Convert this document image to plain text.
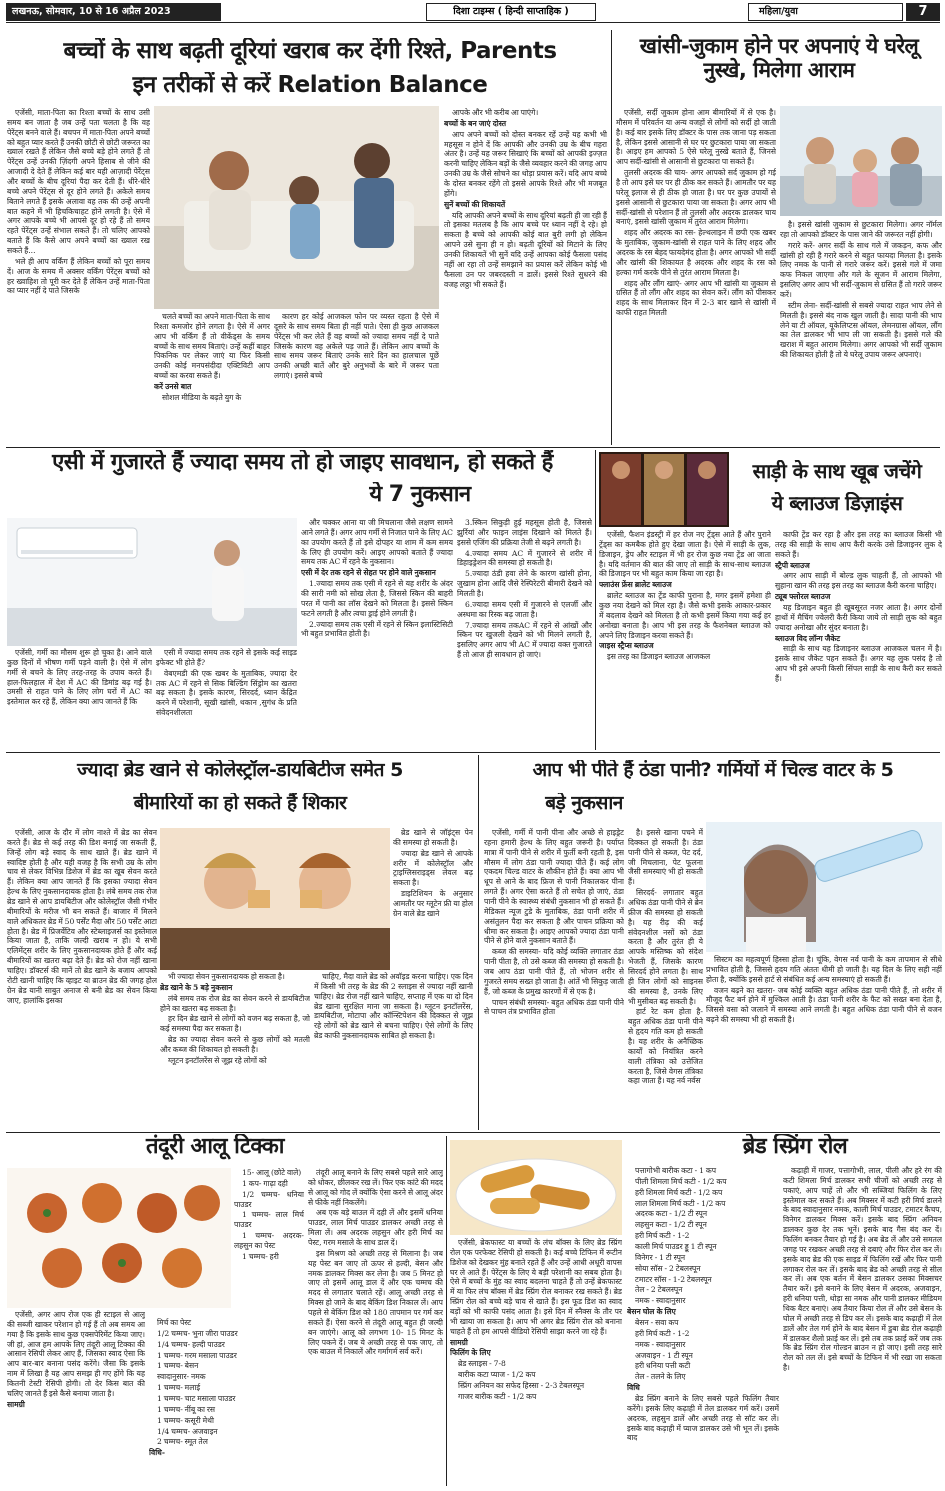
लखनऊ, सोमवार, 10 से 16 अप्रैल 2023	दिशा टाइम्स ( हिन्दी साप्ताहिक )	महिला/युवा	7
बच्चों के साथ बढ़ती दूरियां खराब कर देंगी रिश्ते, Parents
इन तरीकों से करें Relation Balance

एजेंसी, माता-पिता का रिश्ता बच्चों के साथ उसी समय बन जाता है जब उन्हें पता चलता है कि वह पेरेंट्स बनने वाले हैं। बचपन में माता-पिता अपने बच्चों को बहुत प्यार करते हैं उनकी छोटी से छोटी जरूरत का ख्याल रखते हैं लेकिन जैसे बच्चे बड़े होने लगते हैं तो पेरेंट्स उन्हें उनकी ज़िंदगी अपने हिसाब से जीने की आजादी दे देते हैं लेकिन कई बार यही आज़ादी पेरेंट्स और बच्चों के बीच दूरियां पैदा कर देती हैं। धीरे-धीरे बच्चे अपने पेरेंट्स से दूर होने लगते हैं। अकेले समय बिताने लगते हैं इसके अलावा वह तक की उन्हें अपनी बात कहने में भी हिचकिचाहट होने लगती है। ऐसे में अगर आपके बच्चे भी आपसे दूर हो रहे हैं तो समय रहते पेरेंट्स उन्हें संभाल सकते हैं। तो चलिए आपको बताते हैं कि कैसे आप अपने बच्चों का ख्याल रख सकते हैं...

भले ही आप वर्किंग हैं लेकिन बच्चों को पूरा समय दें। आज के समय में अक्सर वर्किंग पेरेंट्स बच्चों को हर ख्वाहिश तो पूरी कर देते हैं लेकिन उन्हें माता-पिता का प्यार नहीं दे पाते जिसके

चलते बच्चों का अपने माता-पिता के साथ रिश्ता कमजोर होने लगता है। ऐसे में अगर आप भी वर्किंग हैं तो वीकेंड्स के समय बच्चों के साथ समय बिताएं। उन्हें कहीं बाहर पिकनिक पर लेकर जाएं या फिर किसी उनकी कोई मनपसंदीदा एक्टिविटी आप बच्चों का करवा सकते हैं।

करें उनसे बात

सोशल मीडिया के बढ़ते युग के

कारण हर कोई आजकल फोन पर व्यस्त रहता है ऐसे में दूसरे के साथ समय बिता ही नहीं पाते। ऐसा ही कुछ आजकल पेरेंट्स भी कर लेते हैं वह बच्चों को ज्यादा समय नहीं दे पाते जिसके कारण वह अकेले पड़ जाते हैं। लेकिन आप बच्चों के साथ समय जरूर बिताएं उनके सारे दिन का हालचाल पूछें उनकी अच्छी बातें और बुरे अनुभवों के बारे में जरूर पता लगाएं। इससे बच्चे

आपके और भी करीब आ पाएंगे।

बच्चों के बन जाएं दोस्त

आप अपने बच्चों को दोस्त बनकर रहें उन्हें यह कभी भी महसूस न होने दें कि आपकी और उनकी उम्र के बीच गहरा अंतर है। उन्हें यह जरूर सिखाएं कि बच्चों को आपकी इज्ज़त करनी चाहिए लेकिन बड़ों के जैसे व्यवहार करने की जगह आप उनकी उम्र के जैसे सोचने का थोड़ा प्रयास करें। यदि आप बच्चे के दोस्त बनकर रहेंगे तो इससे आपके रिश्ते और भी मजबूत होंगे।

सुनें बच्चों की शिकायतें

यदि आपकी अपने बच्चों के साथ दूरियां बढ़ती ही जा रही हैं तो इसका मतलब है कि आप बच्चे पर ध्यान नहीं दे रहे। हो सकता है बच्चे को आपकी कोई बात बुरी लगी हो लेकिन आपने उसे सुना ही न हो। बढ़ती दूरियों को मिटाने के लिए उनकी शिकायतें भी सुनें यदि उन्हें आपका कोई फैसला पसंद नहीं आ रहा तो उन्हें समझाने का प्रयास करें लेकिन कोई भी फैसला उन पर जबरदस्ती न डालें। इससे रिश्ते सुधरने की वजह लठ्ठा भी सकते हैं।

खांसी-जुकाम होने पर अपनाएं ये घरेलू नुस्खे, मिलेगा आराम

एजेंसी, सर्दी जुकाम होना आम बीमारियों में से एक है। मौसम में परिवर्तन या अन्य वजहों से लोगों को सर्दी हो जाती है। कई बार इसके लिए डॉक्टर के पास तक जाना पड़ सकता है, लेकिन इससे आसानी से घर पर छुटकारा पाया जा सकता है। आइए हम आपको 5 ऐसे घरेलू नुस्खे बताते हैं, जिनसे आप सर्दी-खांसी से आसानी से छुटकारा पा सकते हैं।

तुलसी अदरक की चाय- अगर आपको सर्द जुकाम हो गई है तो आप इसे घर पर ही ठीक कर सकते हैं। आमतौर पर यह घरेलू इलाज से ही ठीक हो जाता है। घर पर कुछ उपायों से इससे आसानी से छुटकारा पाया जा सकता है। अगर आप भी सर्दी-खांसी से परेशान हैं तो तुलसी और अदरक डालकर चाय बनाएं, इससे खांसी जुकाम में तुरंत आराम मिलेगा।

शहद और अदरक का रस- हेल्थलाइन में छपी एक खबर के मुताबिक, जुकाम-खांसी से राहत पाने के लिए शहद और अदरक के रस बेहद फायदेमंद होता है। अगर आपको भी सर्दी और खांसी की शिकायत है अदरक और शहद के रस को हल्का गर्म करके पीने से तुरंत आराम मिलता है।

शहद और लौंग खाएं- अगर आप भी खांसी या जुकाम से ग्रसित हैं तो लौंग और शहद का सेवन करें। लौंग को पीसकर शहद के साथ मिलाकर दिन में 2-3 बार खाने से खांसी में काफी राहत मिलती

है। इससे खांसी जुकाम से छुटकारा मिलेगा। अगर नॉर्मल रहा तो आपको डॉक्टर के पास जाने की जरूरत नहीं होगी।

गरारे करें- अगर सर्दी के साथ गले में जकड़न, कफ और खांसी हो रही है गरारे करने से बहुत फायदा मिलता है। इसके लिए नमक के पानी से गरारे जरूर करें। इससे गले में जमा कफ निकल जाएगा और गले के सूजन में आराम मिलेगा, इसलिए अगर आप भी सर्दी-जुकाम से ग्रसित हैं तो गरारे जरूर करें।

स्टीम लेना- सर्दी-खांसी से सबसे ज्यादा राहत भाप लेने से मिलती है। इससे बंद नाक खुल जाती है। सादा पानी की भाप लेने या टी ऑयल, यूकेलिप्टस ऑयल, लेमनग्रास ऑयल, लौंग का तेल डालकर भी भाप ली जा सकती है। इससे गले की खराश में बहुत आराम मिलेगा। अगर आपको भी सर्दी जुकाम की शिकायत होती है तो ये घरेलू उपाय जरूर अपनाएं।

एसी में गुजारते हैं ज्यादा समय तो हो जाइए सावधान, हो सकते हैं
ये 7 नुकसान

एजेंसी, गर्मी का मौसम शुरू हो चुका है। आने वाले कुछ दिनों में भीषण गर्मी पड़ने वाली है। ऐसे में लोग गर्मी से बचने के लिए तरह-तरह के उपाय करते हैं। हाल-फिलहाल में देश में AC की डिमांड बढ़ गई है। उमसी से राहत पाने के लिए लोग घरों में AC का इस्तेमाल कर रहे हैं, लेकिन क्या आप जानते हैं कि

एसी में ज्यादा समय तक रहने से इसके कई साइड इफेक्ट भी होते हैं?

वेबएमडी की एक खबर के मुताबिक, ज्यादा देर तक AC में रहने से सिक बिल्डिंग सिंड्रोम का खतरा बढ़ सकता है। इसके कारण, सिरदर्द, ध्यान केंद्रित करने में परेशानी, सूखी खांसी, थकान ,सुगंध के प्रति संवेदनशीलता

और चक्कर आना या जी मिचलाना जैसे लक्षण सामने आने लगते हैं। अगर आप गर्मी से निजात पाने के लिए AC का उपयोग करते हैं तो इसे दोपहर या शाम में कम समय के लिए ही उपयोग करें। आइए आपको बताते हैं ज्यादा समय तक AC में रहने के नुकसान।

एसी में देर तक रहने से सेहत पर होने वाले नुकसान

1.ज्यादा समय तक एसी में रहने से यह शरीर के अंदर की सारी नमी को सोख लेता है, जिससे स्किन की बाहरी परत में पानी का लॉस देखने को मिलता है। इससे स्किन फटने लगती है और त्वचा ड्राई होने लगती है।

2.ज्यादा समय तक एसी में रहने से स्किन इलास्टिसिटी भी बहुत प्रभावित होती है।

3.स्किन सिकुड़ी हुई महसूस होती है, जिससे झुर्रियां और फाइन लाइंस दिखाने को मिलते हैं। इससे एजिंग की प्रक्रिया तेजी से बढ़ने लगती है।

4.ज्यादा समय AC में गुजारने से शरीर में डिहाइड्रेशन की समस्या हो सकती है।

5.ज्यादा ठंडी हवा लेने के कारण खांसी होना, जुखाम होना आदि जैसे रेस्पिरेटरी बीमारी देखने को मिलती है।

6.ज्यादा समय एसी में गुजारने से एलर्जी और अस्थमा का रिस्क बढ़ जाता है।

7.ज्यादा समय तकAC में रहने से आंखों और स्किन पर खुजली देखने को भी मिलने लगती है, इसलिए अगर आप भी AC में ज्यादा वक्त गुजारते हैं तो आज ही सावधान हो जाएं।

साड़ी के साथ खूब जचेंगे
ये ब्लाउज डिज़ाइंस

एजेंसी, फैशन इंडस्ट्री में हर रोज नए ट्रेंड्स आते हैं और पुराने ट्रेंड्स का कमबैक होते हुए देखा जाता है। ऐसे में साड़ी के लुक, डिजाइन, ड्रेप और स्टाइल में भी हर रोज कुछ नया ट्रेंड आ जाता है। यदि वर्तमान की बात की जाए तो साड़ी के साथ-साथ ब्लाउज की डिजाइन पर भी बहुत काम किया जा रहा है।

फ्लाउंस फ्रेंस ब्रालेट ब्लाउज

ब्रालेट ब्लाउज का ट्रेंड काफी पुराना है, मगर इसमें हमेशा ही कुछ नया देखने को मिल रहा है। जैसे कभी इसके आकार-प्रकार में बदलाव देखने को मिलता है तो कभी इसमें किया गया कई हर अनोखा बनाता है। आप भी इस तरह के फैशनेबल ब्लाउज को अपने लिए डिजाइन करवा सकते हैं।

जाइस स्ट्रैप्स ब्लाउज

इस तरह का डिजाइन ब्लाउज आजकल

काफी ट्रेंड कर रहा है और इस तरह का ब्लाउज किसी भी तरह की साड़ी के साथ आप कैरी करके उसे डिजाइनर लुक दे सकते हैं।

स्ट्रैपी ब्लाउज

अगर आप साड़ी में बोल्ड लुक चाहती हैं, तो आपको भी सुहाना खान की तरह इस तरह का ब्लाउज कैरी करना चाहिए।

ट्यूब फ्लोरल ब्लाउज

यह डिजाइन बहुत ही खूबसूरत नजर आता है। अगर दोनों हाथों में मैचिंग ज्वेलरी कैरी किया जाये तो साड़ी लुक को बहुत ज्यादा अनोखा और सुंदर बनाता है।

ब्लाउज विद लॉन्ग जैकेट

साड़ी के साथ यह डिजाइनर ब्लाउज आजकल चलन में है। इसके साथ जैकेट पहन सकते हैं। अगर यह लुक पसंद है तो आप भी इसे अपनी किसी सिंपल साड़ी के साथ कैरी कर सकते हैं।

ज्यादा ब्रेड खाने से कोलेस्ट्रॉल-डायबिटीज समेत 5
बीमारियों का हो सकते हैं शिकार

एजेंसी, आज के दौर में लोग नाश्ते में ब्रेड का सेवन करते हैं। ब्रेड से कई तरह की डिश बनाई जा सकती हैं, जिन्हें लोग बड़े स्वाद के साथ खाते हैं। ब्रेड खाने में स्वादिष्ट होती है और यही वजह है कि सभी उम्र के लोग चाव से लेकर विभिन्न डिशेज में ब्रेड का खूब सेवन करते हैं। लेकिन क्या आप जानते हैं कि इसका ज्यादा सेवन हेल्थ के लिए नुकसानदायक होता है। लंबे समय तक रोज ब्रेड खाने से आप डायबिटीज और कोलेस्ट्रॉल जैसी गंभीर बीमारियों के मरीज भी बन सकते हैं। बाजार में मिलने वाले अधिकतर ब्रेड में 50 पर्सेंट मैदा और 50 पर्सेंट आटा होता है। ब्रेड में प्रिजर्वेटिव और स्टेब्लाइजर्स का इस्तेमाल किया जाता है, ताकि जल्दी खराब न हो। ये सभी एलिमेंट्स शरीर के लिए नुकसानदायक होते हैं और कई बीमारियों का खतरा बढ़ा देते हैं। ब्रेड को रोज नहीं खाना चाहिए। डॉक्टर्स की मानें तो ब्रेड खाने के बजाय आपको रोटी खानी चाहिए कि व्हाइट या ब्राउन ब्रेड की जगह होल ग्रेन ब्रेड यानी साबुत अनाज से बनी ब्रेड का सेवन किया जाए, हालांकि इसका

ब्रेड खाने से जॉइंट्स पेन की समस्या हो सकती है।

ज्यादा ब्रेड खाने से आपके शरीर में कोलेस्ट्रॉल और ट्राइग्लिसराइड्स लेवल बढ़ सकता है।

डाइटिशियन के अनुसार आमतौर पर ग्लूटेन फ्री या होल ग्रेन वाले ब्रेड खाने

भी ज्यादा सेवन नुकसानदायक हो सकता है।

ब्रेड खाने के 5 बड़े नुकसान

लंबे समय तक रोज ब्रेड का सेवन करने से डायबिटीज होने का खतरा बढ़ सकता है।

हर दिन ब्रेड खाने से लोगों को वजन बढ़ सकता है, जो कई समस्या पैदा कर सकता है।

ब्रेड का ज्यादा सेवन करने से कुछ लोगों को मतली और कब्ज की शिकायत हो सकती है।

ग्लूटन इनटॉलरेंस से जूझ रहे लोगों को

चाहिए, मैदा वाले ब्रेड को अवॉइड करना चाहिए। एक दिन में किसी भी तरह के ब्रेड की 2 स्लाइस से ज्यादा नहीं खानी चाहिए। ब्रेड रोज नहीं खाने चाहिए, सप्ताह में एक या दो दिन ब्रेड खाना सुरक्षित माना जा सकता है। ग्लूटन इनटॉलरेंस, डायबिटीज, मोटापा और कॉन्स्टिपेशन की दिक्कत से जूझ रहे लोगों को ब्रेड खाने से बचना चाहिए। ऐसे लोगों के लिए ब्रेड काफी नुकसानदायक साबित हो सकता है।

आप भी पीते हैं ठंडा पानी? गर्मियों में चिल्ड वाटर के 5
बड़े नुकसान

एजेंसी, गर्मी में पानी पीना और अच्छे से हाइड्रेट रहना हमारी हेल्थ के लिए बहुत जरूरी है। पर्याप्त मात्रा में पानी पीने से शरीर में फुर्ती बनी रहती है, इस मौसम में लोग ठंडा पानी ज्यादा पीते हैं। कई लोग एकदम चिल्ड वाटर के शौकीन होते हैं। क्या आप भी धूप से आने के बाद फ्रिज से पानी निकालकर पीना लगते हैं। अगर ऐसा करते हैं तो सचेत हो जाएं, ठंडा पानी पीने के स्वास्थ्य संबंधी नुकसान भी हो सकते हैं। मेडिकल न्यूज टुडे के मुताबिक, ठंडा पानी शरीर में असंतुलन पैदा कर सकता है और पाचन प्रक्रिया को धीमा कर सकता है। आइए आपको ज्यादा ठंडा पानी पीने से होने वाले नुकसान बताते हैं।

कब्ज की समस्या- यदि कोई व्यक्ति लगातार ठंडा पानी पीता है, तो उसे कब्ज की समस्या हो सकती है। जब आप ठंडा पानी पीते हैं, तो भोजन शरीर से गुजरते समय सख्त हो जाता है। आंतें भी सिकुड़ जाती हैं, जो कब्ज के प्रमुख कारणों में से एक है।

पाचन संबंधी समस्या- बहुत अधिक ठंडा पानी पीने से पाचन तंत्र प्रभावित होता

है। इससे खाना पचने में दिक्कत हो सकती है। ठंडा पानी पीने से कब्ज, पेट दर्द, जी मिचलाना, पेट फूलना जैसी समस्याएं भी हो सकती हैं।

सिरदर्द- लगातार बहुत अधिक ठंडा पानी पीने से ब्रेन फ्रीज की समस्या हो सकती है। यह रीढ़ की कई संवेदनशील नसों को ठंडा करता है और तुरंत ही ये आपके मस्तिष्क को संदेश भेजती हैं, जिसके कारण सिरदर्द होने लगता है। साथ ही जिन लोगों को साइनस की समस्या है, उनके लिए भी मुसीबत बढ़ सकती है।

हार्ट रेट कम होता है- बहुत अधिक ठंडा पानी पीने से हृदय गति कम हो सकती है। यह शरीर के अनैच्छिक कार्यों को नियंत्रित करने वाली तंत्रिका को उत्तेजित करता है, जिसे वेगस तंत्रिका कहा जाता है। यह नर्व नर्वस

सिस्टम का महत्वपूर्ण हिस्सा होता है। चूंकि, वेगस नर्व पानी के कम तापमान से सीधे प्रभावित होती है, जिससे हृदय गति अंततः धीमी हो जाती है। यह दिल के लिए सही नहीं होता है, क्योंकि इससे हार्ट से संबंधित कई अन्य समस्याएं हो सकती हैं।

वजन बढ़ने का खतरा- जब कोई व्यक्ति बहुत अधिक ठंडा पानी पीते हैं, तो शरीर में मौजूद फैट बर्न होने में मुश्किल आती है। ठंडा पानी शरीर के फैट को सख्त बना देता है, जिससे वसा को जलाने में समस्या आने लगती है। बहुत अधिक ठंडा पानी पीने से वजन बढ़ने की समस्या भी हो सकती है।

तंदूरी आलू टिक्का

15- आलू (छोटे वाले)

1 कप- गाढ़ा दही

1/2 चम्मच- धनिया पाउडर

1 चम्मच- लाल मिर्च पाउडर

1 चम्मच- अदरक-लहसुन का पेस्ट

1 चम्मच- हरी

एजेंसी, अगर आप रोज एक ही स्टाइल से आलू की सब्जी खाकर परेशान हो गई हैं तो अब समय आ गया है कि इसके साथ कुछ एक्सपेरिमेंट किया जाए। जी हां, आज हम आपके लिए तंदूरी आलू टिक्का की आसान रेसिपी लेकर आए हैं, जिसका स्वाद ऐसा कि आप बार-बार बनाना पसंद करेंगे। जैसा कि इसके नाम में लिखा है यह आप समझ ही गए होंगे कि यह कितनी टेस्टी रेसिपी होगी। तो देर किस बात की चलिए जानते हैं इसे कैसे बनाया जाता है।

सामग्री

मिर्च का पेस्ट

1/2 चम्मच- भुना जीरा पाउडर

1/4 चम्मच- हल्दी पाउडर

1 चम्मच- गरम मसाला पाउडर

1 चम्मच- बेसन

स्वादानुसार- नमक

1 चम्मच- मलाई

1 चम्मच- चाट मसाला पाउडर

1 चम्मच- नींबू का रस

1 चम्मच- कसूरी मेथी

1/4 चम्मच- अजवाइन

2 चम्मच- स्मूत तेल

विधि-

तंदूरी आलू बनाने के लिए सबसे पहले सारे आलू को धोकर, छीलकर रख लें। फिर एक कांटे की मदद से आलू को गोद लें क्योंकि ऐसा करने से आलू अंदर से फीके नहीं निकलेंगे।

अब एक बड़े बाउल में दही लें और इसमें धनिया पाउडर, लाल मिर्च पाउडर डालकर अच्छी तरह से मिला लें। अब अदरक लहसुन और हरी मिर्च का पेस्ट, गरम मसाले के साथ डाल दें।

इस मिश्रण को अच्छी तरह से मिलाना है। जब यह पेस्ट बन जाए तो ऊपर से हल्दी, बेसन और नमक डालकर मिक्स कर लेना है। जब 5 मिनट हो जाए तो इसमें आलू डाल दें और एक चम्मच की मदद से लगातार चलाते रहें। आलू अच्छी तरह से मिक्स हो जाने के बाद बेकिंग डिश निकाल लें। आप पहले से बेकिंग डिश को 180 तापमान पर गर्म कर सकते हैं। ऐसा करने से तंदूरी आलू बहुत ही जल्दी बन जाएंगे। आलू को लगभग 10- 15 मिनट के लिए पकने दें। जब ये अच्छी तरह से पक जाए, तो एक बाउल में निकालें और गर्मागर्म सर्व करें।

ब्रेड स्प्रिंग रोल

एजेंसी, ब्रेकफास्ट या बच्चों के लंच बॉक्स के लिए ब्रेड स्प्रिंग रोल एक परफेक्ट रेसिपी हो सकती है। कई बच्चे टिफिन में रूटीन डिशेज को देखकर मुंह बनाते रहते हैं और उन्हें आधी अधूरी वापस घर ले आते हैं। पेरेंट्स के लिए ये बड़ी परेशानी का सबब होता है। ऐसे में बच्चों के मुंह का स्वाद बदलना चाहते हैं तो उन्हें ब्रेकफास्ट में या फिर लंच बॉक्स में ब्रेड स्प्रिंग रोल बनाकर रख सकते हैं। ब्रेड स्प्रिंग रोल को बच्चे बड़े चाव से खाते हैं। इस फूड डिश का स्वाद बड़ों को भी काफी पसंद आता है। इसे दिन में स्नैक्स के तौर पर भी खाया जा सकता है। आप भी अगर ब्रेड स्प्रिंग रोल को बनाना चाहते हैं तो हम आपसे वीडियो रेसिपी साझा करने जा रहे हैं।

सामग्री

फिलिंग के लिए

ब्रेड स्लाइस - 7-8

बारीक कटा प्याज - 1/2 कप

स्प्रिंग अनियन का सफेद हिस्सा - 2-3 टेबलस्पून

गाजर बारीक कटी - 1/2 कप

पत्तागोभी बारीक कटा - 1 कप

पीली शिमला मिर्च कटी - 1/2 कप

हरी शिमला मिर्च कटी - 1/2 कप

लाल शिमला मिर्च कटी - 1/2 कप

अदरक कटा - 1/2 टी स्पून

लहसुन कटा - 1/2 टी स्पून

हरी मिर्च कटी - 1-2

काली मिर्च पाउडर ड्डू 1 टी स्पून

विनेगर - 1 टी स्पून

सोया सॉस - 2 टेबलस्पून

टमाटर सॉस - 1-2 टेबलस्पून

तेल - 2 टेबलस्पून

नमक - स्वादानुसार

बेसन घोल के लिए

बेसन - सवा कप

हरी मिर्च कटी - 1-2

नमक - स्वादानुसार

अजवाइन - 1 टी स्पून

हरी धनिया पत्ती कटी

तेल - तलने के लिए

विधि

ब्रेड स्प्रिंग बनाने के लिए सबसे पहले फिलिंग तैयार करेंगे। इसके लिए कढ़ाही में तेल डालकर गर्म करें। उसमें अदरक, लहसुन डालें और अच्छी तरह से सॉट कर लें। इसके बाद कढ़ाही में प्याज डालकर उसे भी भून लें। इसके बाद

कढ़ाही में गाजर, पत्तागोभी, लाल, पीली और हरे रंग की कटी शिमला मिर्च डालकर सभी चीजों को अच्छी तरह से पकाएं, आप चाहें तो और भी सब्जियां फिलिंग के लिए इस्तेमाल कर सकते हैं। अब मिक्सर में कटी हरी मिर्च डालने के बाद स्वादानुसार नमक, काली मिर्च पाउडर, टमाटर कैचप, विनेगर डालकर मिक्स करें। इसके बाद स्प्रिंग अनियन डालकर कुछ देर तक भूनें। इसके बाद गैस बंद कर दें। फिलिंग बनकर तैयार हो गई है। अब ब्रेड लें और उसे समतल जगह पर रखकर अच्छी तरह से दबाएं और फिर रोल कर लें। इसके बाद ब्रेड की एक साइड में फिलिंग रखें और फिर पानी लगाकर रोल कर लें। इसके बाद ब्रेड को अच्छी तरह से सील कर लें। अब एक बर्तन में बेसन डालकर उसका मिक्सचर तैयार करें। इसे बनाने के लिए बेसन में अदरक, अजवाइन, हरी धनिया पत्ती, थोड़ा सा नमक और पानी डालकर मीडियम थिक बैटर बनाएं। अब तैयार किया रोल लें और उसे बेसन के घोल में अच्छी तरह से डिप कर लें। इसके बाद कढ़ाही में तेल डालें और तेल गर्म होने के बाद बेसन में डुबा ब्रेड रोल कढ़ाही में डालकर शैलो फ्राई कर लें। इसे तब तक फ्राई करें जब तक कि ब्रेड स्प्रिंग रोल गोल्डन ब्राउन न हो जाए। इसी तरह सारे रोल को तल लें। इसे बच्चों के टिफिन में भी रखा जा सकता है।
